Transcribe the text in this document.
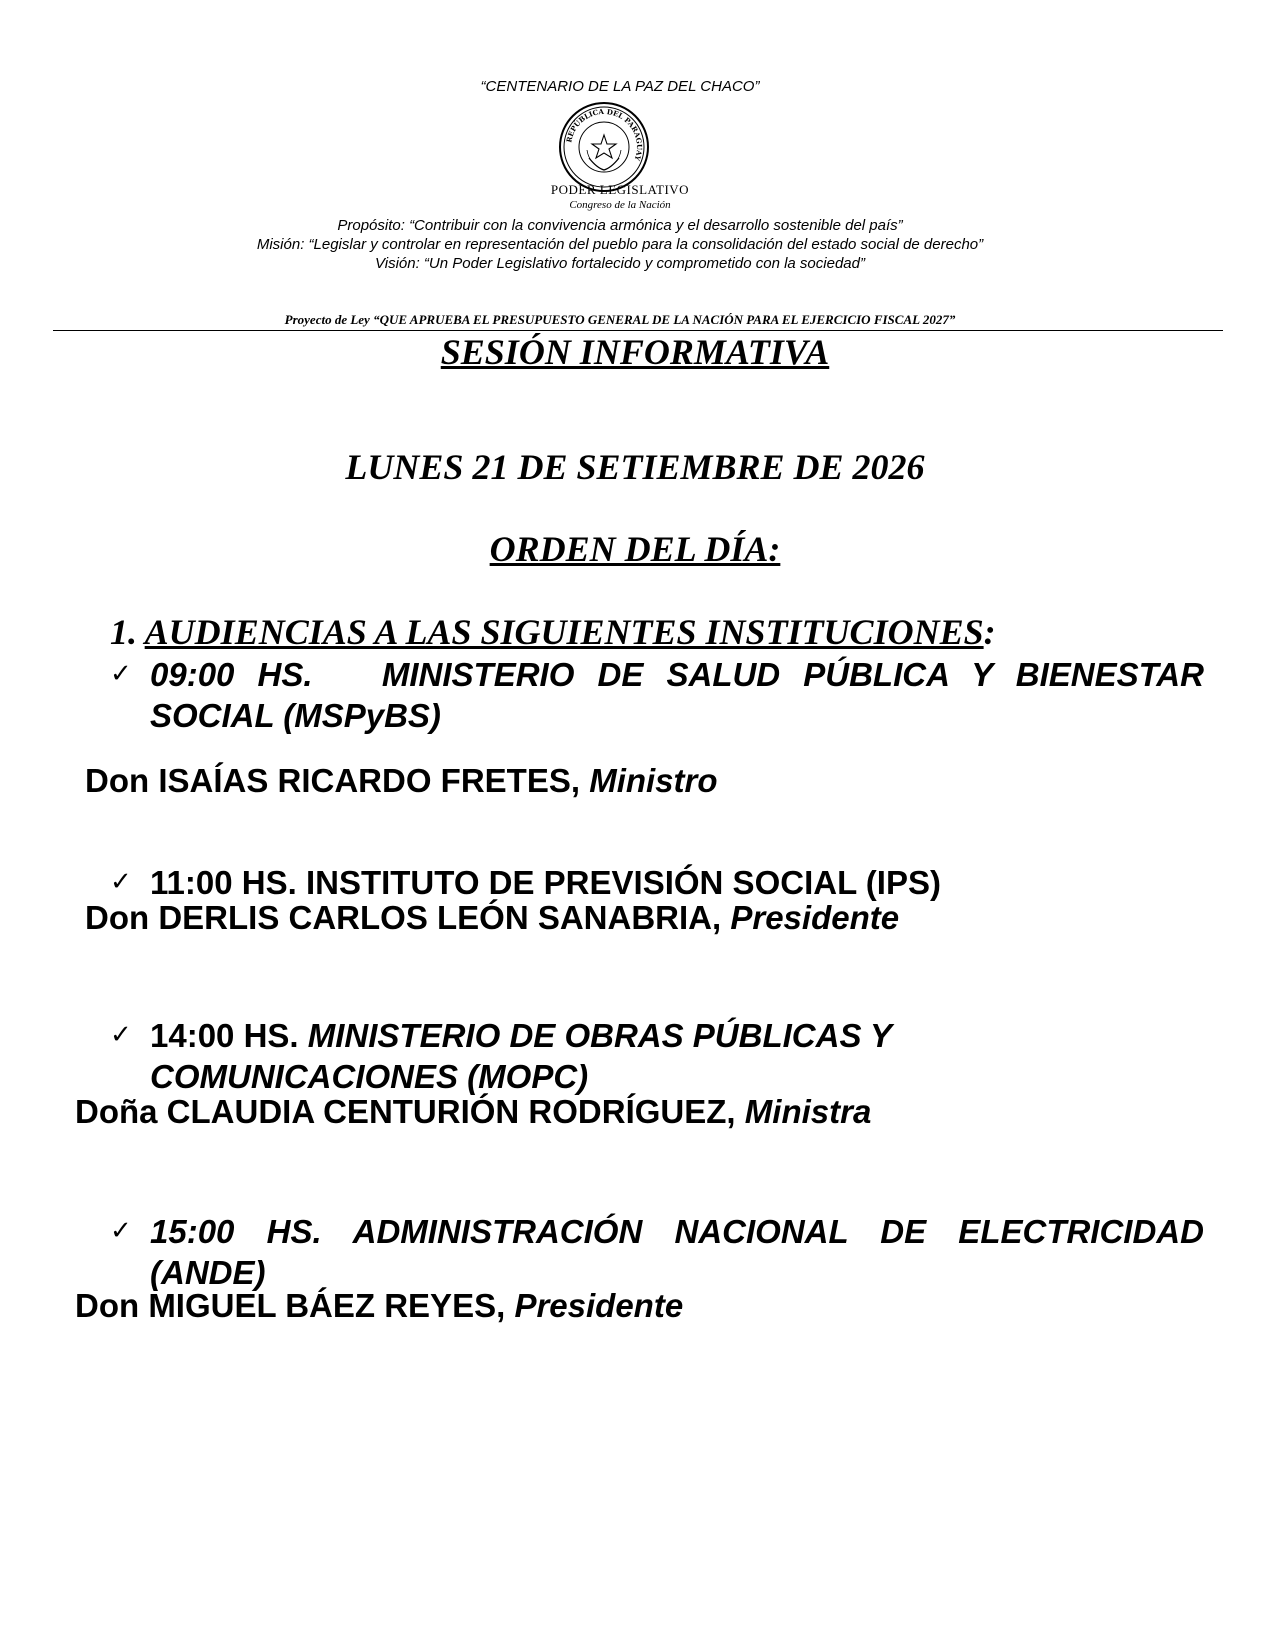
“CENTENARIO DE LA PAZ DEL CHACO”
REPÚBLICA DEL PARAGUAY
PODER LEGISLATIVO
Congreso de la Nación
Propósito: “Contribuir con la convivencia armónica y el desarrollo sostenible del país”
Misión: “Legislar y controlar en representación del pueblo para la consolidación del estado social de derecho”
Visión: “Un Poder Legislativo fortalecido y comprometido con la sociedad”
Proyecto de Ley “QUE APRUEBA EL PRESUPUESTO GENERAL DE LA NACIÓN PARA EL EJERCICIO FISCAL 2027”
SESIÓN INFORMATIVA
LUNES 21 DE SETIEMBRE DE 2026
ORDEN DEL DÍA:
1. AUDIENCIAS A LAS SIGUIENTES INSTITUCIONES:
✓ 09:00 HS. MINISTERIO DE SALUD PÚBLICA Y BIENESTAR SOCIAL (MSPyBS)
Don ISAÍAS RICARDO FRETES, Ministro
✓ 11:00 HS. INSTITUTO DE PREVISIÓN SOCIAL (IPS)
Don DERLIS CARLOS LEÓN SANABRIA, Presidente
✓ 14:00 HS. MINISTERIO DE OBRAS PÚBLICAS Y COMUNICACIONES (MOPC)
Doña CLAUDIA CENTURIÓN RODRÍGUEZ, Ministra
✓ 15:00 HS. ADMINISTRACIÓN NACIONAL DE ELECTRICIDAD (ANDE)
Don MIGUEL BÁEZ REYES, Presidente
